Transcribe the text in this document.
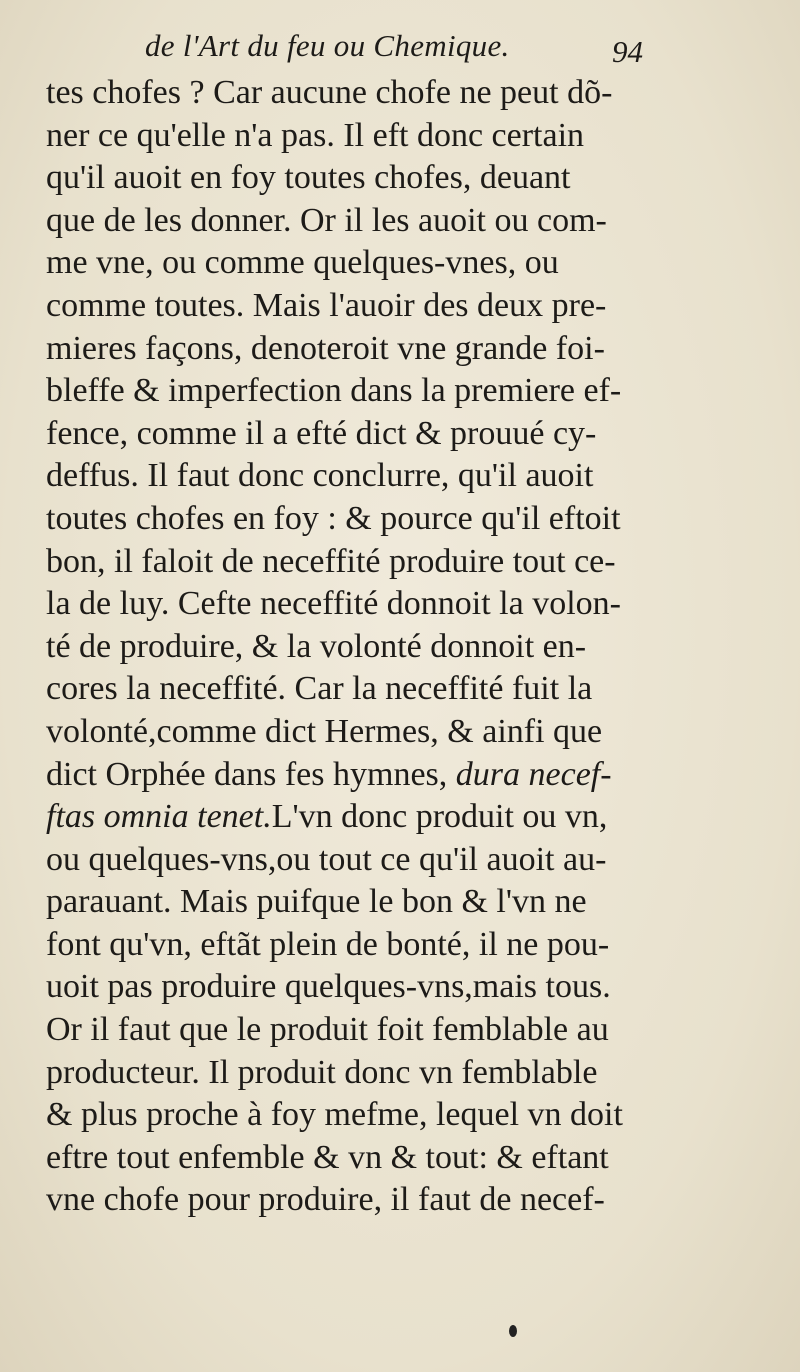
de l'Art du feu ou Chemique.	94
tes chofes ? Car aucune chofe ne peut dõ-
ner ce qu'elle n'a pas. Il eft donc certain
qu'il auoit en foy toutes chofes, deuant
que de les donner. Or il les auoit ou com-
me vne, ou comme quelques-vnes, ou
comme toutes. Mais l'auoir des deux pre-
mieres façons, denoteroit vne grande foi-
bleffe & imperfection dans la premiere ef-
fence, comme il a efté dict & prouué cy-
deffus. Il faut donc conclurre, qu'il auoit
toutes chofes en foy : & pource qu'il eftoit
bon, il faloit de neceffité produire tout ce-
la de luy. Cefte neceffité donnoit la volon-
té de produire, & la volonté donnoit en-
cores la neceffité. Car la neceffité fuit la
volonté,comme dict Hermes, & ainfi que
dict Orphée dans fes hymnes, dura necef-
ftas omnia tenet.L'vn donc produit ou vn,
ou quelques-vns,ou tout ce qu'il auoit au-
parauant. Mais puifque le bon & l'vn ne
font qu'vn, eftãt plein de bonté, il ne pou-
uoit pas produire quelques-vns,mais tous.
Or il faut que le produit foit femblable au
producteur. Il produit donc vn femblable
& plus proche à foy mefme, lequel vn doit
eftre tout enfemble & vn & tout: & eftant
vne chofe pour produire, il faut de necef-
